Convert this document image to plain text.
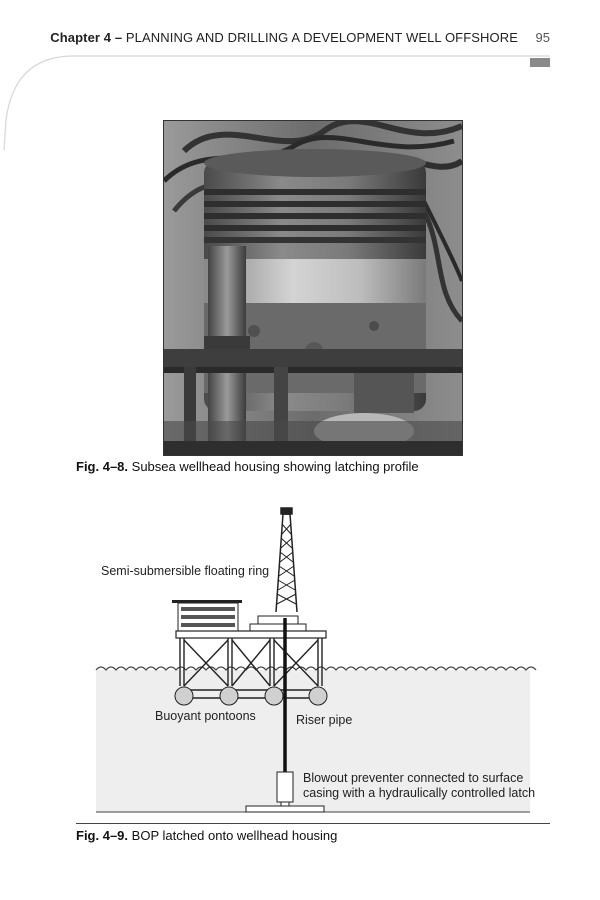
Chapter 4 – PLANNING AND DRILLING A DEVELOPMENT WELL OFFSHORE 95
Fig. 4–8. Subsea wellhead housing showing latching profile
Semi-submersible floating ring
Buoyant pontoons	Riser pipe
Blowout preventer connected to surface
casing with a hydraulically controlled latch
Fig. 4–9. BOP latched onto wellhead housing
